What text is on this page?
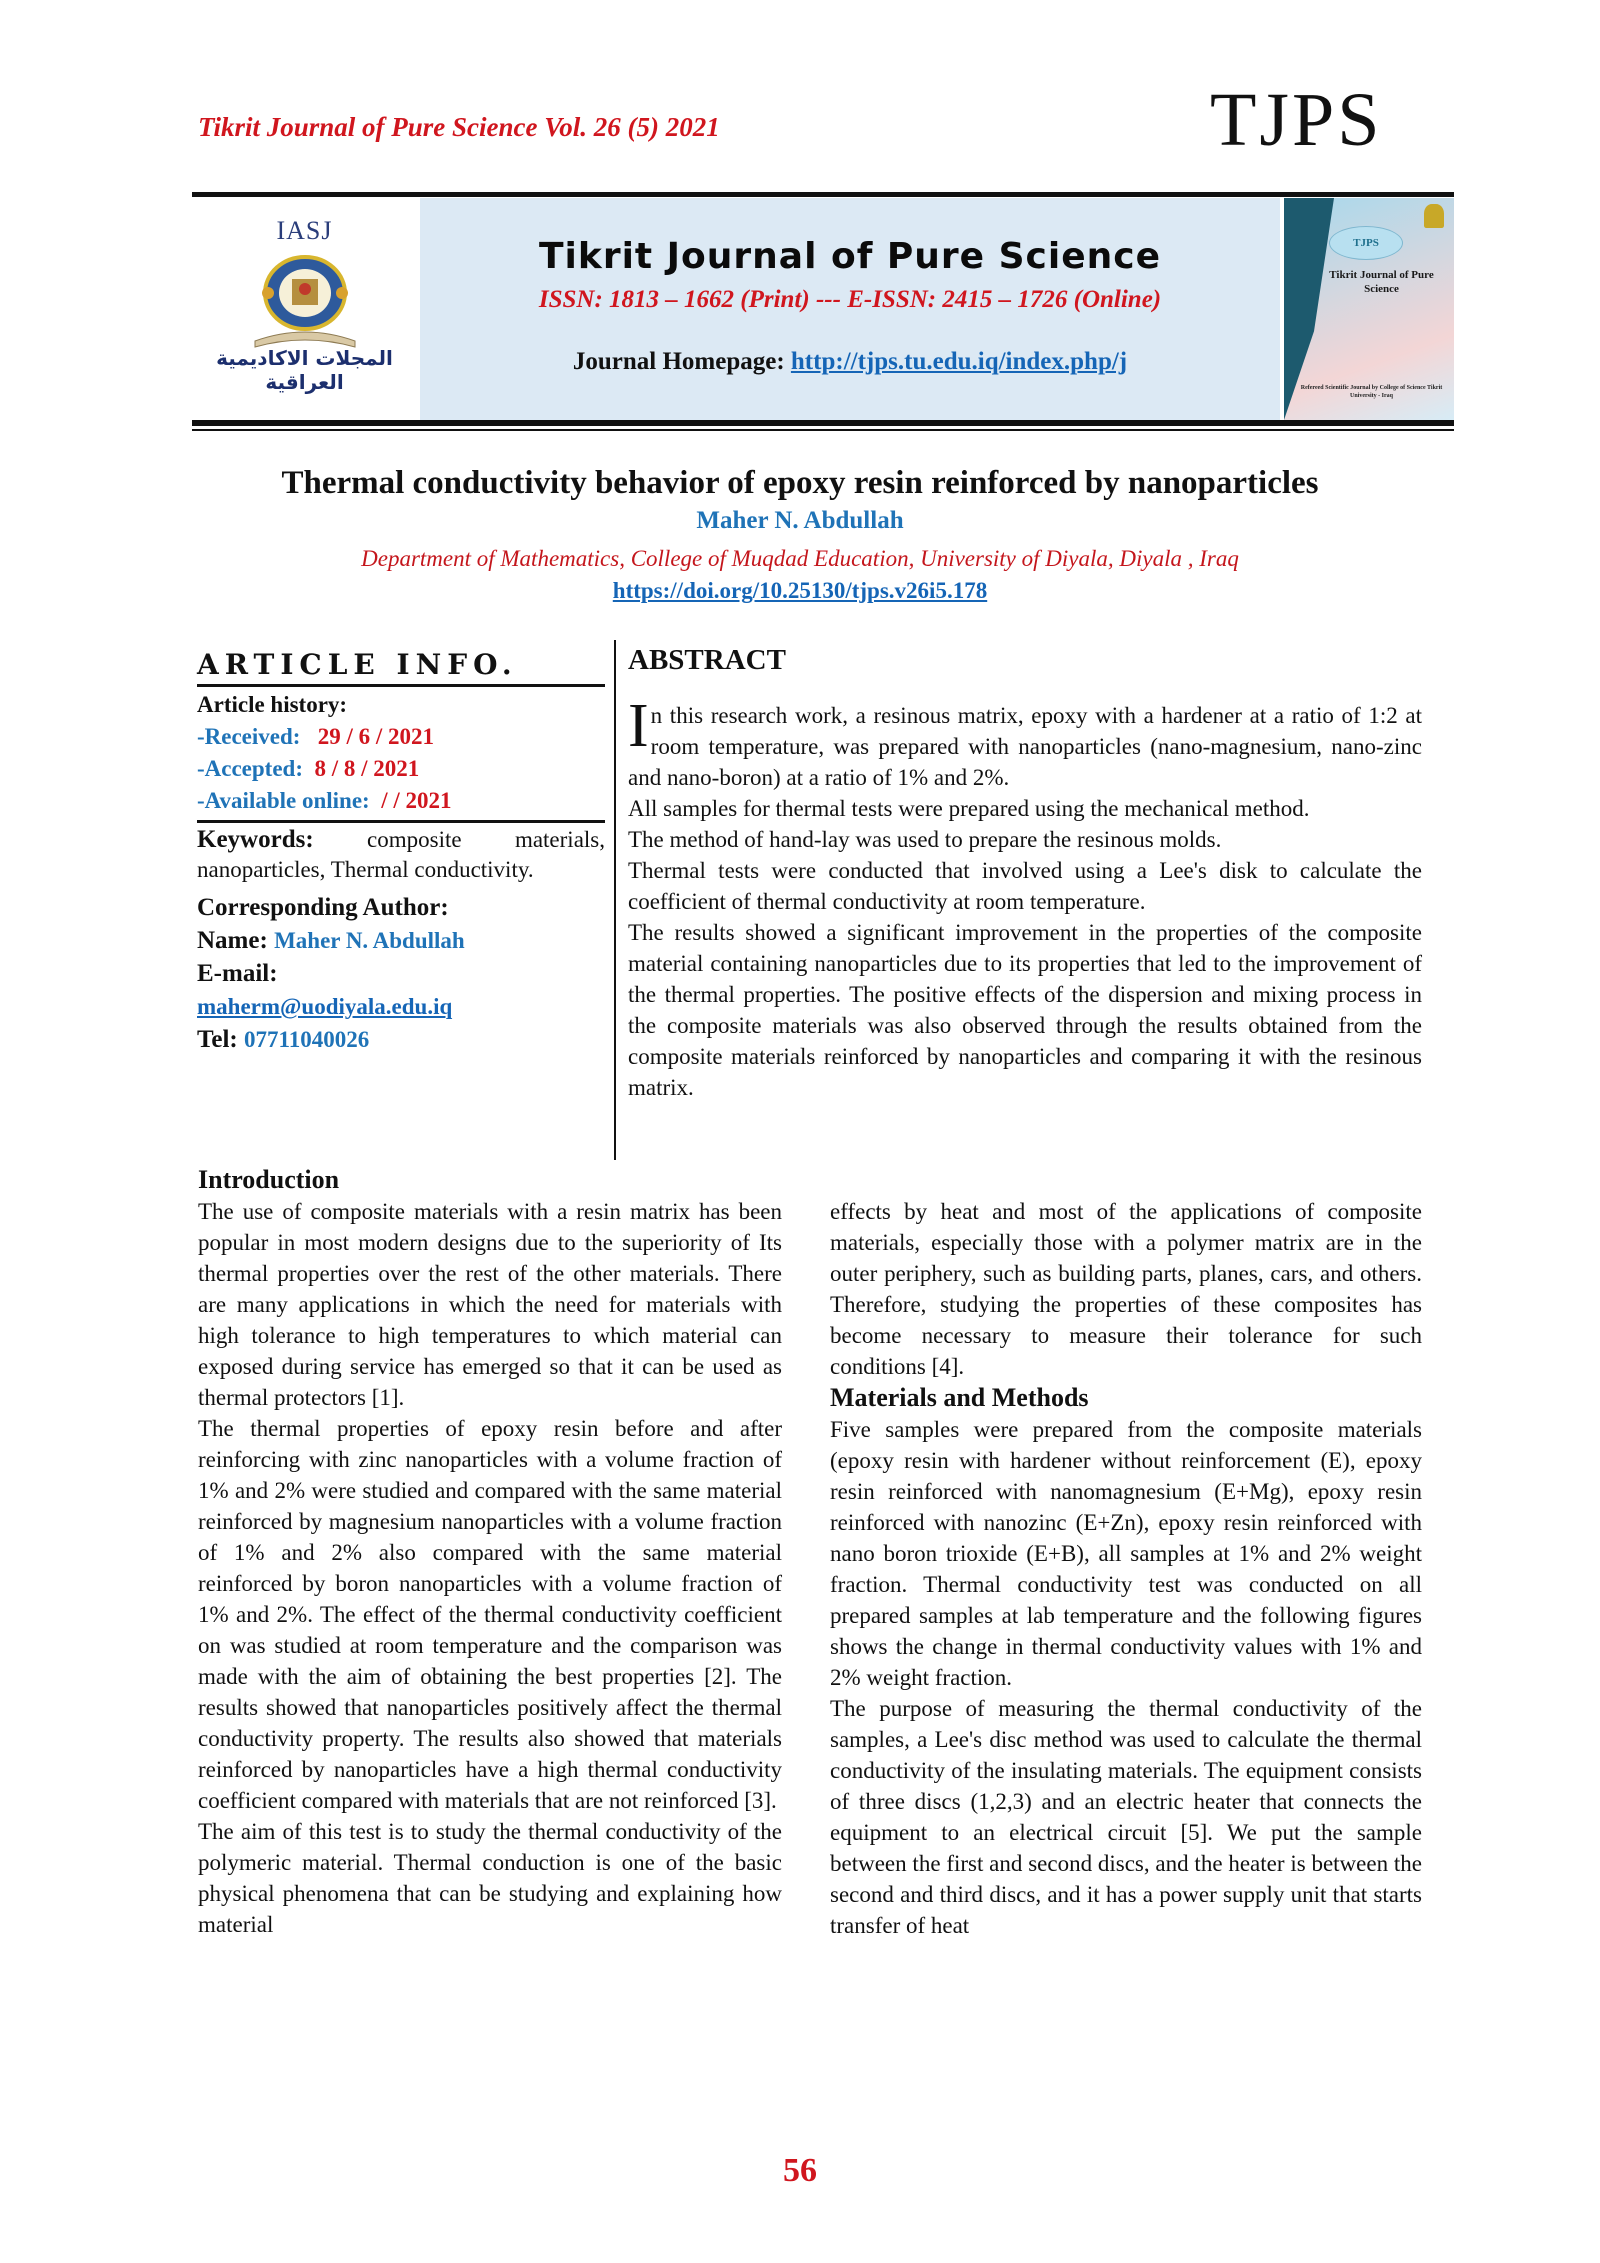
Tikrit Journal of Pure Science Vol. 26 (5) 2021	TJPS
IASJ
المجلات الاكاديمية العراقية
Tikrit Journal of Pure Science
ISSN: 1813 – 1662 (Print) --- E-ISSN: 2415 – 1726 (Online)
Journal Homepage: http://tjps.tu.edu.iq/index.php/j
TJPS
Tikrit Journal of Pure Science
Refereed Scientific Journal by College of Science Tikrit University - Iraq
Thermal conductivity behavior of epoxy resin reinforced by nanoparticles
Maher N. Abdullah
Department of Mathematics, College of Muqdad Education, University of Diyala, Diyala , Iraq
https://doi.org/10.25130/tjps.v26i5.178
ARTICLE INFO.
Article history:
-Received: 29 / 6 / 2021
-Accepted: 8 / 8 / 2021
-Available online: / / 2021
Keywords: composite materials, nanoparticles, Thermal conductivity.
Corresponding Author:
Name: Maher N. Abdullah
E-mail:
maherm@uodiyala.edu.iq
Tel: 07711040026
ABSTRACT

In this research work, a resinous matrix, epoxy with a hardener at a ratio of 1:2 at room temperature, was prepared with nanoparticles (nano-magnesium, nano-zinc and nano-boron) at a ratio of 1% and 2%.

All samples for thermal tests were prepared using the mechanical method.

The method of hand-lay was used to prepare the resinous molds.

Thermal tests were conducted that involved using a Lee's disk to calculate the coefficient of thermal conductivity at room temperature.

The results showed a significant improvement in the properties of the composite material containing nanoparticles due to its properties that led to the improvement of the thermal properties. The positive effects of the dispersion and mixing process in the composite materials was also observed through the results obtained from the composite materials reinforced by nanoparticles and comparing it with the resinous matrix.

Introduction

The use of composite materials with a resin matrix has been popular in most modern designs due to the superiority of Its thermal properties over the rest of the other materials. There are many applications in which the need for materials with high tolerance to high temperatures to which material can exposed during service has emerged so that it can be used as thermal protectors [1].

The thermal properties of epoxy resin before and after reinforcing with zinc nanoparticles with a volume fraction of 1% and 2% were studied and compared with the same material reinforced by magnesium nanoparticles with a volume fraction of 1% and 2% also compared with the same material reinforced by boron nanoparticles with a volume fraction of 1% and 2%. The effect of the thermal conductivity coefficient on was studied at room temperature and the comparison was made with the aim of obtaining the best properties [2]. The results showed that nanoparticles positively affect the thermal conductivity property. The results also showed that materials reinforced by nanoparticles have a high thermal conductivity coefficient compared with materials that are not reinforced [3].

The aim of this test is to study the thermal conductivity of the polymeric material. Thermal conduction is one of the basic physical phenomena that can be studying and explaining how material

effects by heat and most of the applications of composite materials, especially those with a polymer matrix are in the outer periphery, such as building parts, planes, cars, and others. Therefore, studying the properties of these composites has become necessary to measure their tolerance for such conditions [4].

Materials and Methods

Five samples were prepared from the composite materials (epoxy resin with hardener without reinforcement (E), epoxy resin reinforced with nanomagnesium (E+Mg), epoxy resin reinforced with nanozinc (E+Zn), epoxy resin reinforced with nano boron trioxide (E+B), all samples at 1% and 2% weight fraction. Thermal conductivity test was conducted on all prepared samples at lab temperature and the following figures shows the change in thermal conductivity values with 1% and 2% weight fraction.

The purpose of measuring the thermal conductivity of the samples, a Lee's disc method was used to calculate the thermal conductivity of the insulating materials. The equipment consists of three discs (1,2,3) and an electric heater that connects the equipment to an electrical circuit [5]. We put the sample between the first and second discs, and the heater is between the second and third discs, and it has a power supply unit that starts transfer of heat

56
